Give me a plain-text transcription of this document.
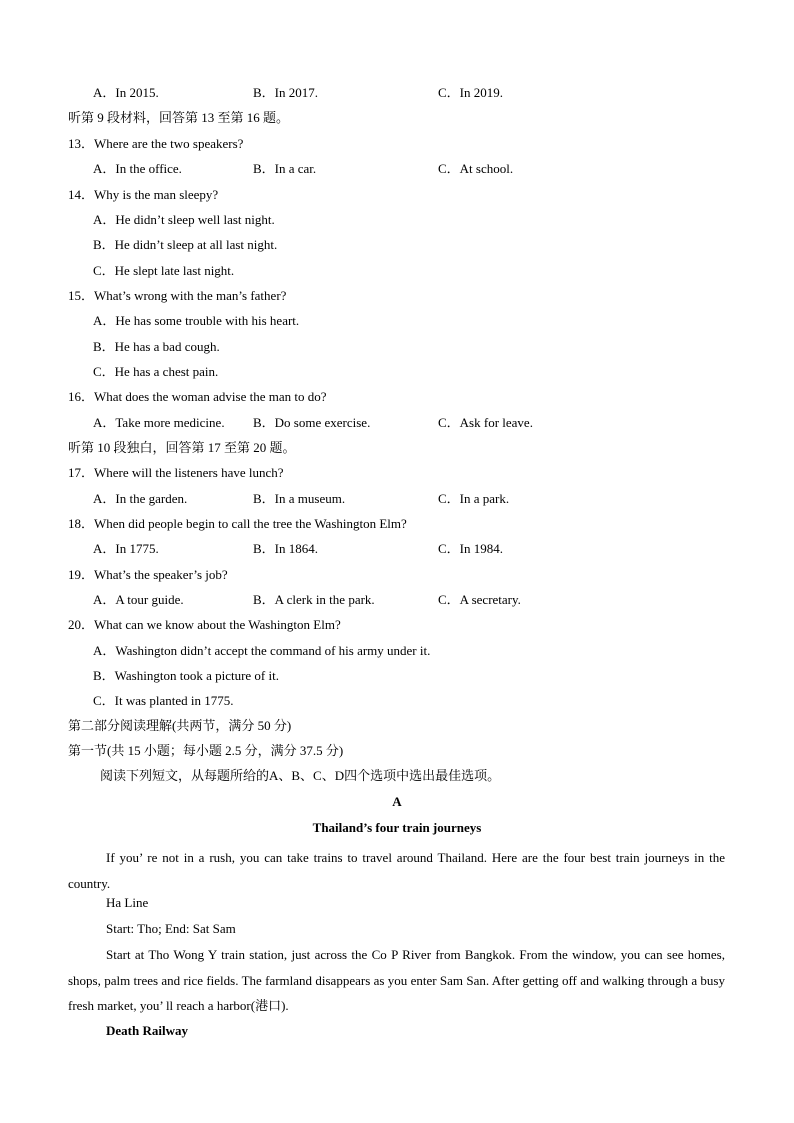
A．In 2015.	B．In 2017.	C．In 2019.
听第 9 段材料，回答第 13 至第 16 题。
13．Where are the two speakers?
A．In the office.	B．In a car.	C．At school.
14．Why is the man sleepy?
A．He didn’t sleep well last night.
B．He didn’t sleep at all last night.
C．He slept late last night.
15．What’s wrong with the man’s father?
A．He has some trouble with his heart.
B．He has a bad cough.
C．He has a chest pain.
16．What does the woman advise the man to do?
A．Take more medicine. B．Do some exercise.	C．Ask for leave.
听第 10 段独白，回答第 17 至第 20 题。
17．Where will the listeners have lunch?
A．In the garden.	B．In a museum.	C．In a park.
18．When did people begin to call the tree the Washington Elm?
A．In 1775.	B．In 1864.	C．In 1984.
19．What’s the speaker’s job?
A．A tour guide.	B．A clerk in the park.	C．A secretary.
20．What can we know about the Washington Elm?
A．Washington didn’t accept the command of his army under it.
B．Washington took a picture of it.
C．It was planted in 1775.
第二部分阅读理解(共两节，满分 50 分)
第一节(共 15 小题；每小题 2.5 分，满分 37.5 分)
阅读下列短文，从每题所给的A、B、C、D四个选项中选出最佳选项。
A
Thailand’s four train journeys
If you’ re not in a rush, you can take trains to travel around Thailand. Here are the four best train journeys in the country.
Ha Line
Start: Tho; End: Sat Sam
Start at Tho Wong Y train station, just across the Co P River from Bangkok. From the window, you can see homes, shops, palm trees and rice fields. The farmland disappears as you enter Sam San. After getting off and walking through a busy fresh market, you’ ll reach a harbor(港口).
Death Railway
